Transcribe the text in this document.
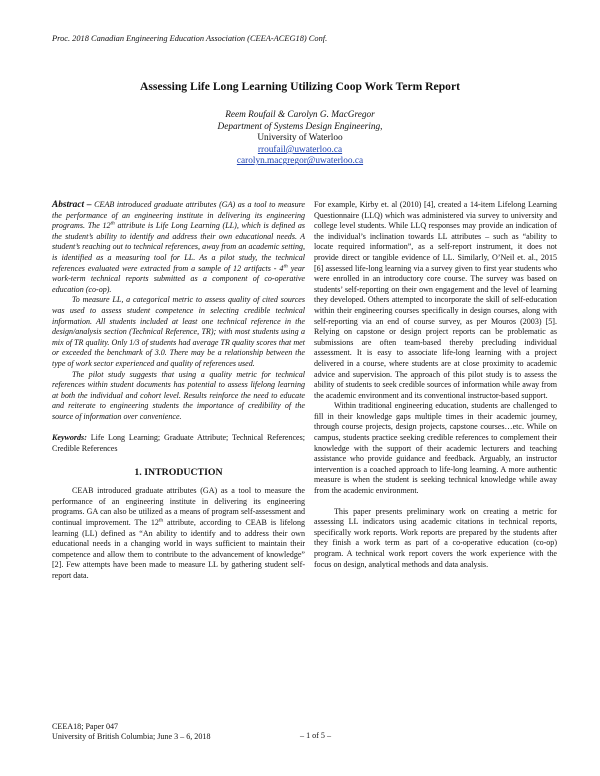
Proc. 2018 Canadian Engineering Education Association (CEEA-ACEG18) Conf.
Assessing Life Long Learning Utilizing Coop Work Term Report
Reem Roufail & Carolyn G. MacGregor
Department of Systems Design Engineering,
University of Waterloo
rroufail@uwaterloo.ca
carolyn.macgregor@uwaterloo.ca

Abstract – CEAB introduced graduate attributes (GA) as a tool to measure the performance of an engineering institute in delivering its engineering programs. The 12th attribute is Life Long Learning (LL), which is defined as the student’s ability to identify and address their own educational needs. A student’s reaching out to technical references, away from an academic setting, is identified as a measuring tool for LL. As a pilot study, the technical references evaluated were extracted from a sample of 12 artifacts - 4th year work-term technical reports submitted as a component of co-operative education (co-op).

To measure LL, a categorical metric to assess quality of cited sources was used to assess student competence in selecting credible technical information. All students included at least one technical reference in the design/analysis section (Technical Reference, TR); with most students using a mix of TR quality. Only 1/3 of students had average TR quality scores that met or exceeded the benchmark of 3.0. There may be a relationship between the type of work sector experienced and quality of references used.

The pilot study suggests that using a quality metric for technical references within student documents has potential to assess lifelong learning at both the individual and cohort level. Results reinforce the need to educate and reiterate to engineering students the importance of credibility of the source of information over convenience.

Keywords: Life Long Learning; Graduate Attribute; Technical References; Credible References

1. INTRODUCTION

CEAB introduced graduate attributes (GA) as a tool to measure the performance of an engineering institute in delivering its engineering programs. GA can also be utilized as a means of program self-assessment and continual improvement. The 12th attribute, according to CEAB is lifelong learning (LL) defined as “An ability to identify and to address their own educational needs in a changing world in ways sufficient to maintain their competence and allow them to contribute to the advancement of knowledge” [2]. Few attempts have been made to measure LL by gathering student self-report data.

For example, Kirby et. al (2010) [4], created a 14-item Lifelong Learning Questionnaire (LLQ) which was administered via survey to university and college level students. While LLQ responses may provide an indication of the individual’s inclination towards LL attributes – such as “ability to locate required information”, as a self-report instrument, it does not provide direct or tangible evidence of LL. Similarly, O’Neil et. al., 2015 [6] assessed life-long learning via a survey given to first year students who were enrolled in an introductory core course. The survey was based on students’ self-reporting on their own engagement and the level of learning they developed. Others attempted to incorporate the skill of self-education within their engineering courses specifically in design courses, along with self-reporting via an end of course survey, as per Mouros (2003) [5]. Relying on capstone or design project reports can be problematic as submissions are often team-based thereby precluding individual assessment. It is easy to associate life-long learning with a project delivered in a course, where students are at close proximity to academic advice and supervision. The approach of this pilot study is to assess the ability of students to seek credible sources of information while away from the academic environment and its conventional instructor-based support.

Within traditional engineering education, students are challenged to fill in their knowledge gaps multiple times in their academic journey, through course projects, design projects, capstone courses…etc. While on campus, students practice seeking credible references to complement their knowledge with the support of their academic lecturers and teaching assistance who provide guidance and feedback. Arguably, an instructor intervention is a coached approach to life-long learning. A more authentic measure is when the student is seeking technical knowledge while away from the academic environment.

This paper presents preliminary work on creating a metric for assessing LL indicators using academic citations in technical reports, specifically work reports. Work reports are prepared by the students after they finish a work term as part of a co-operative education (co-op) program. A technical work report covers the work experience with the focus on design, analytical methods and data analysis.

CEEA18; Paper 047
University of British Columbia; June 3 – 6, 2018	– 1 of 5 –
